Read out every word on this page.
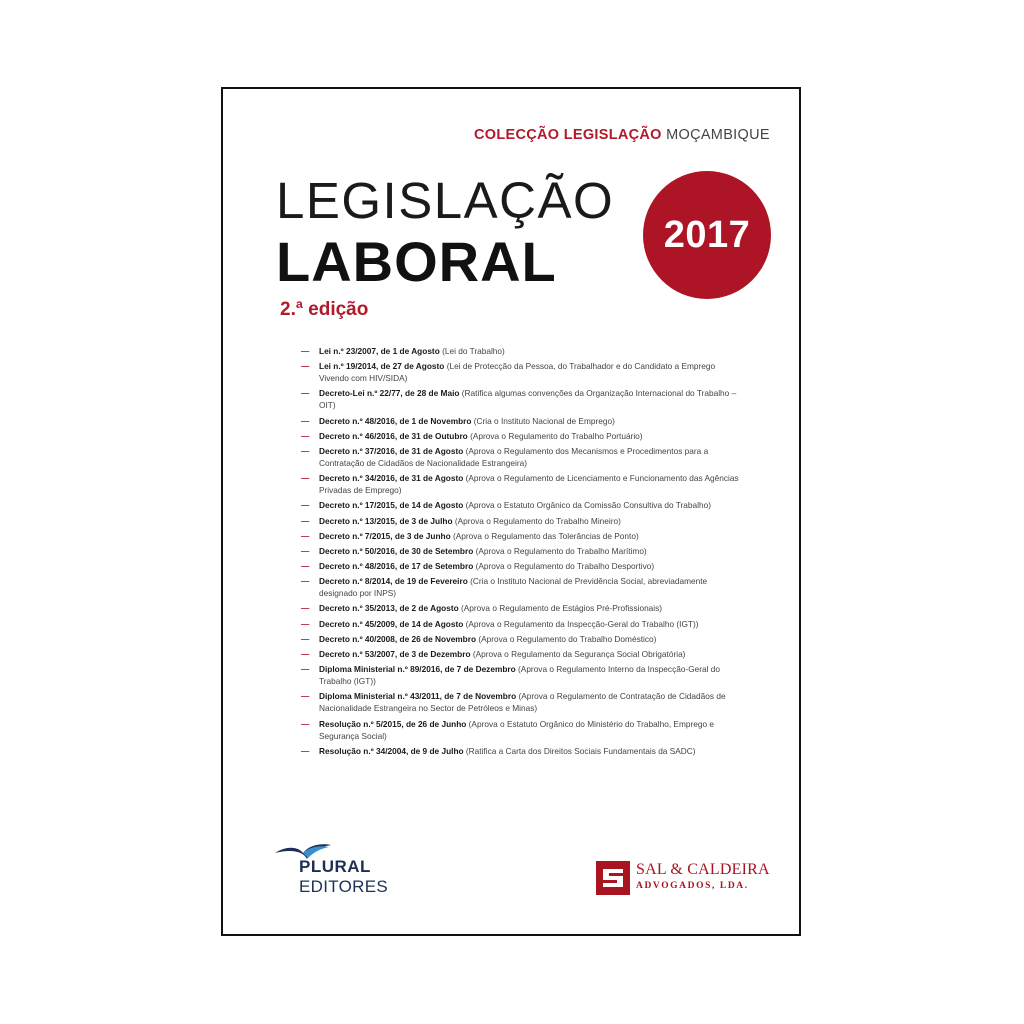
COLECÇÃO LEGISLAÇÃO MOÇAMBIQUE
LEGISLAÇÃO
LABORAL
2.ª edição
2017
— Lei n.º 23/2007, de 1 de Agosto (Lei do Trabalho)
— Lei n.º 19/2014, de 27 de Agosto (Lei de Protecção da Pessoa, do Trabalhador e do Candidato a Emprego Vivendo com HIV/SIDA)
— Decreto-Lei n.º 22/77, de 28 de Maio (Ratifica algumas convenções da Organização Internacional do Trabalho – OIT)
— Decreto n.º 48/2016, de 1 de Novembro (Cria o Instituto Nacional de Emprego)
— Decreto n.º 46/2016, de 31 de Outubro (Aprova o Regulamento do Trabalho Portuário)
— Decreto n.º 37/2016, de 31 de Agosto (Aprova o Regulamento dos Mecanismos e Procedimentos para a Contratação de Cidadãos de Nacionalidade Estrangeira)
— Decreto n.º 34/2016, de 31 de Agosto (Aprova o Regulamento de Licenciamento e Funcionamento das Agências Privadas de Emprego)
— Decreto n.º 17/2015, de 14 de Agosto (Aprova o Estatuto Orgânico da Comissão Consultiva do Trabalho)
— Decreto n.º 13/2015, de 3 de Julho (Aprova o Regulamento do Trabalho Mineiro)
— Decreto n.º 7/2015, de 3 de Junho (Aprova o Regulamento das Tolerâncias de Ponto)
— Decreto n.º 50/2016, de 30 de Setembro (Aprova o Regulamento do Trabalho Marítimo)
— Decreto n.º 48/2016, de 17 de Setembro (Aprova o Regulamento do Trabalho Desportivo)
— Decreto n.º 8/2014, de 19 de Fevereiro (Cria o Instituto Nacional de Previdência Social, abreviadamente designado por INPS)
— Decreto n.º 35/2013, de 2 de Agosto (Aprova o Regulamento de Estágios Pré-Profissionais)
— Decreto n.º 45/2009, de 14 de Agosto (Aprova o Regulamento da Inspecção-Geral do Trabalho (IGT))
— Decreto n.º 40/2008, de 26 de Novembro (Aprova o Regulamento do Trabalho Doméstico)
— Decreto n.º 53/2007, de 3 de Dezembro (Aprova o Regulamento da Segurança Social Obrigatória)
— Diploma Ministerial n.º 89/2016, de 7 de Dezembro (Aprova o Regulamento Interno da Inspecção-Geral do Trabalho (IGT))
— Diploma Ministerial n.º 43/2011, de 7 de Novembro (Aprova o Regulamento de Contratação de Cidadãos de Nacionalidade Estrangeira no Sector de Petróleos e Minas)
— Resolução n.º 5/2015, de 26 de Junho (Aprova o Estatuto Orgânico do Ministério do Trabalho, Emprego e Segurança Social)
— Resolução n.º 34/2004, de 9 de Julho (Ratifica a Carta dos Direitos Sociais Fundamentais da SADC)
PLURAL
EDITORES
SAL & CALDEIRA
ADVOGADOS, LDA.
